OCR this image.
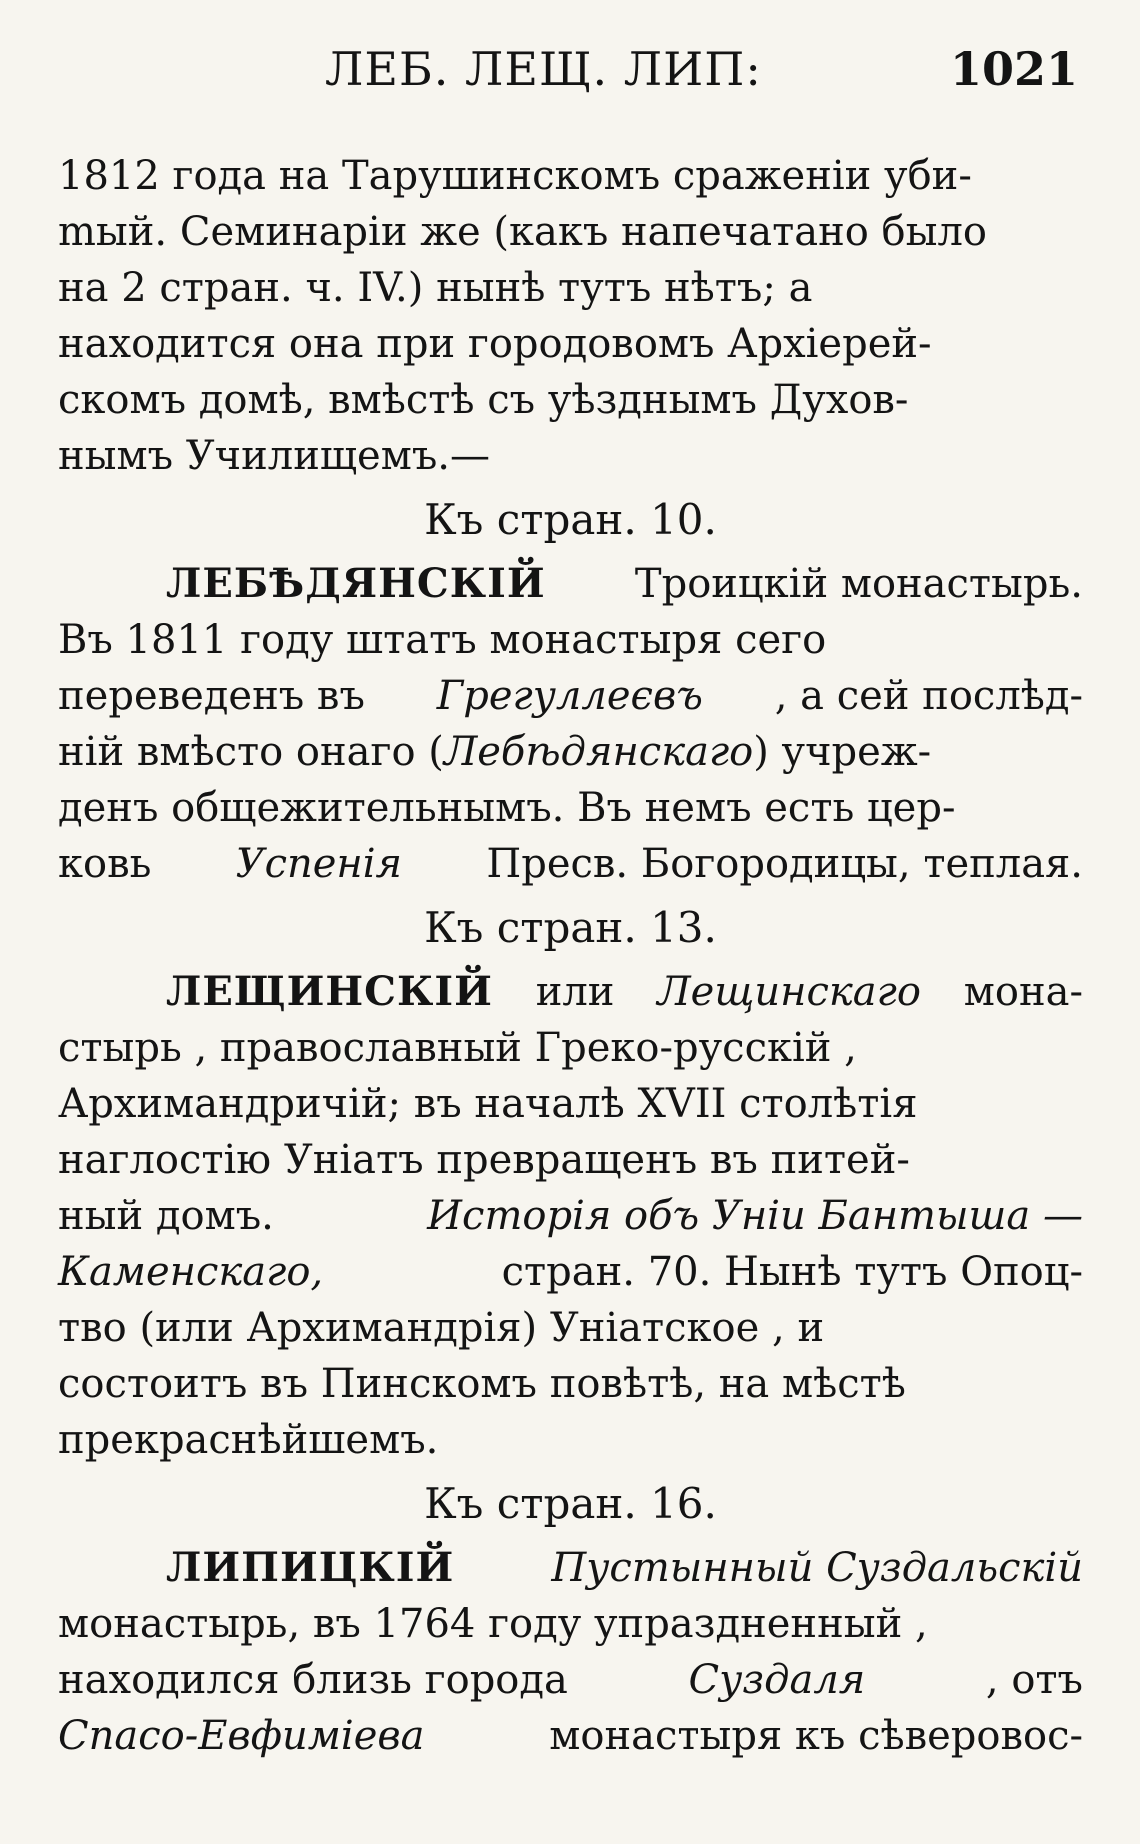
ЛЕБ. ЛЕЩ. ЛИП:	1021
1812 года на Тарушинскомъ сраженiи уби-
mый. Семинарiи же (какъ напечатано было
на 2 стран. ч. IV.) нынѣ тутъ нѣтъ; а
находится она при городовомъ Архiерей-
скомъ домѣ, вмѣстѣ съ уѣзднымъ Духов-
нымъ Училищемъ.—
Къ стран. 10.
ЛЕБѢДЯНСКIЙ Троицкiй монастырь.
Въ 1811 году штатъ монастыря сего
переведенъ въ Грегуллеєвъ , а сей послѣд-
нiй вмѣсто онаго (Лебѣдянскаго) учреж-
денъ общежительнымъ. Въ немъ есть цер-
ковь Успенiя Пресв. Богородицы, теплая.
Къ стран. 13.
ЛЕЩИНСКIЙ или Лещинскаго мона-
стырь , православный Греко-русскiй ,
Архимандричiй; въ началѣ XVII столѣтiя
наглостiю Унiатъ превращенъ въ питей-
ный домъ.	Исторiя объ Унiи Бантыша —
Каменскаго,	стран. 70. Нынѣ тутъ Опоц-
тво (или Архимандрiя) Унiатское , и
состоитъ въ Пинскомъ повѣтѣ, на мѣстѣ
прекраснѣйшемъ.
Къ стран. 16.
ЛИПИЦКIЙ Пустынный Суздальскiй
монастырь, въ 1764 году упраздненный ,
находился близь города	Суздаля	, отъ
Спасо-Евфимiева	монастыря къ сѣверовос-
